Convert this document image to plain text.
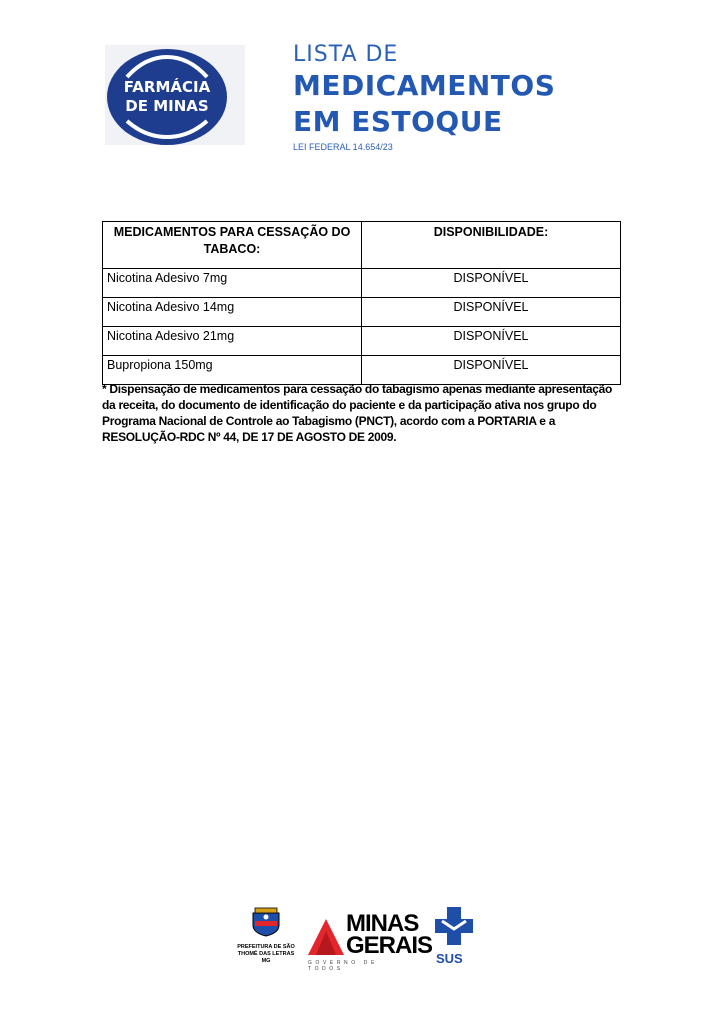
FARMÁCIA
DE MINAS
LISTA DE
MEDICAMENTOS
EM ESTOQUE
LEI FEDERAL 14.654/23
MEDICAMENTOS PARA CESSAÇÃO DO TABACO:	DISPONIBILIDADE:
Nicotina Adesivo 7mg	DISPONÍVEL
Nicotina Adesivo 14mg	DISPONÍVEL
Nicotina Adesivo 21mg	DISPONÍVEL
Bupropiona 150mg	DISPONÍVEL
* Dispensação de medicamentos para cessação do tabagismo apenas mediante apresentação da receita, do documento de identificação do paciente e da participação ativa nos grupo do Programa Nacional de Controle ao Tabagismo (PNCT), acordo com a PORTARIA e a RESOLUÇÃO-RDC Nº 44, DE 17 DE AGOSTO DE 2009.
PREFEITURA DE SÃO THOMÉ DAS LETRAS MG
MINAS
GERAIS
GOVERNO DE TODOS
SUS
